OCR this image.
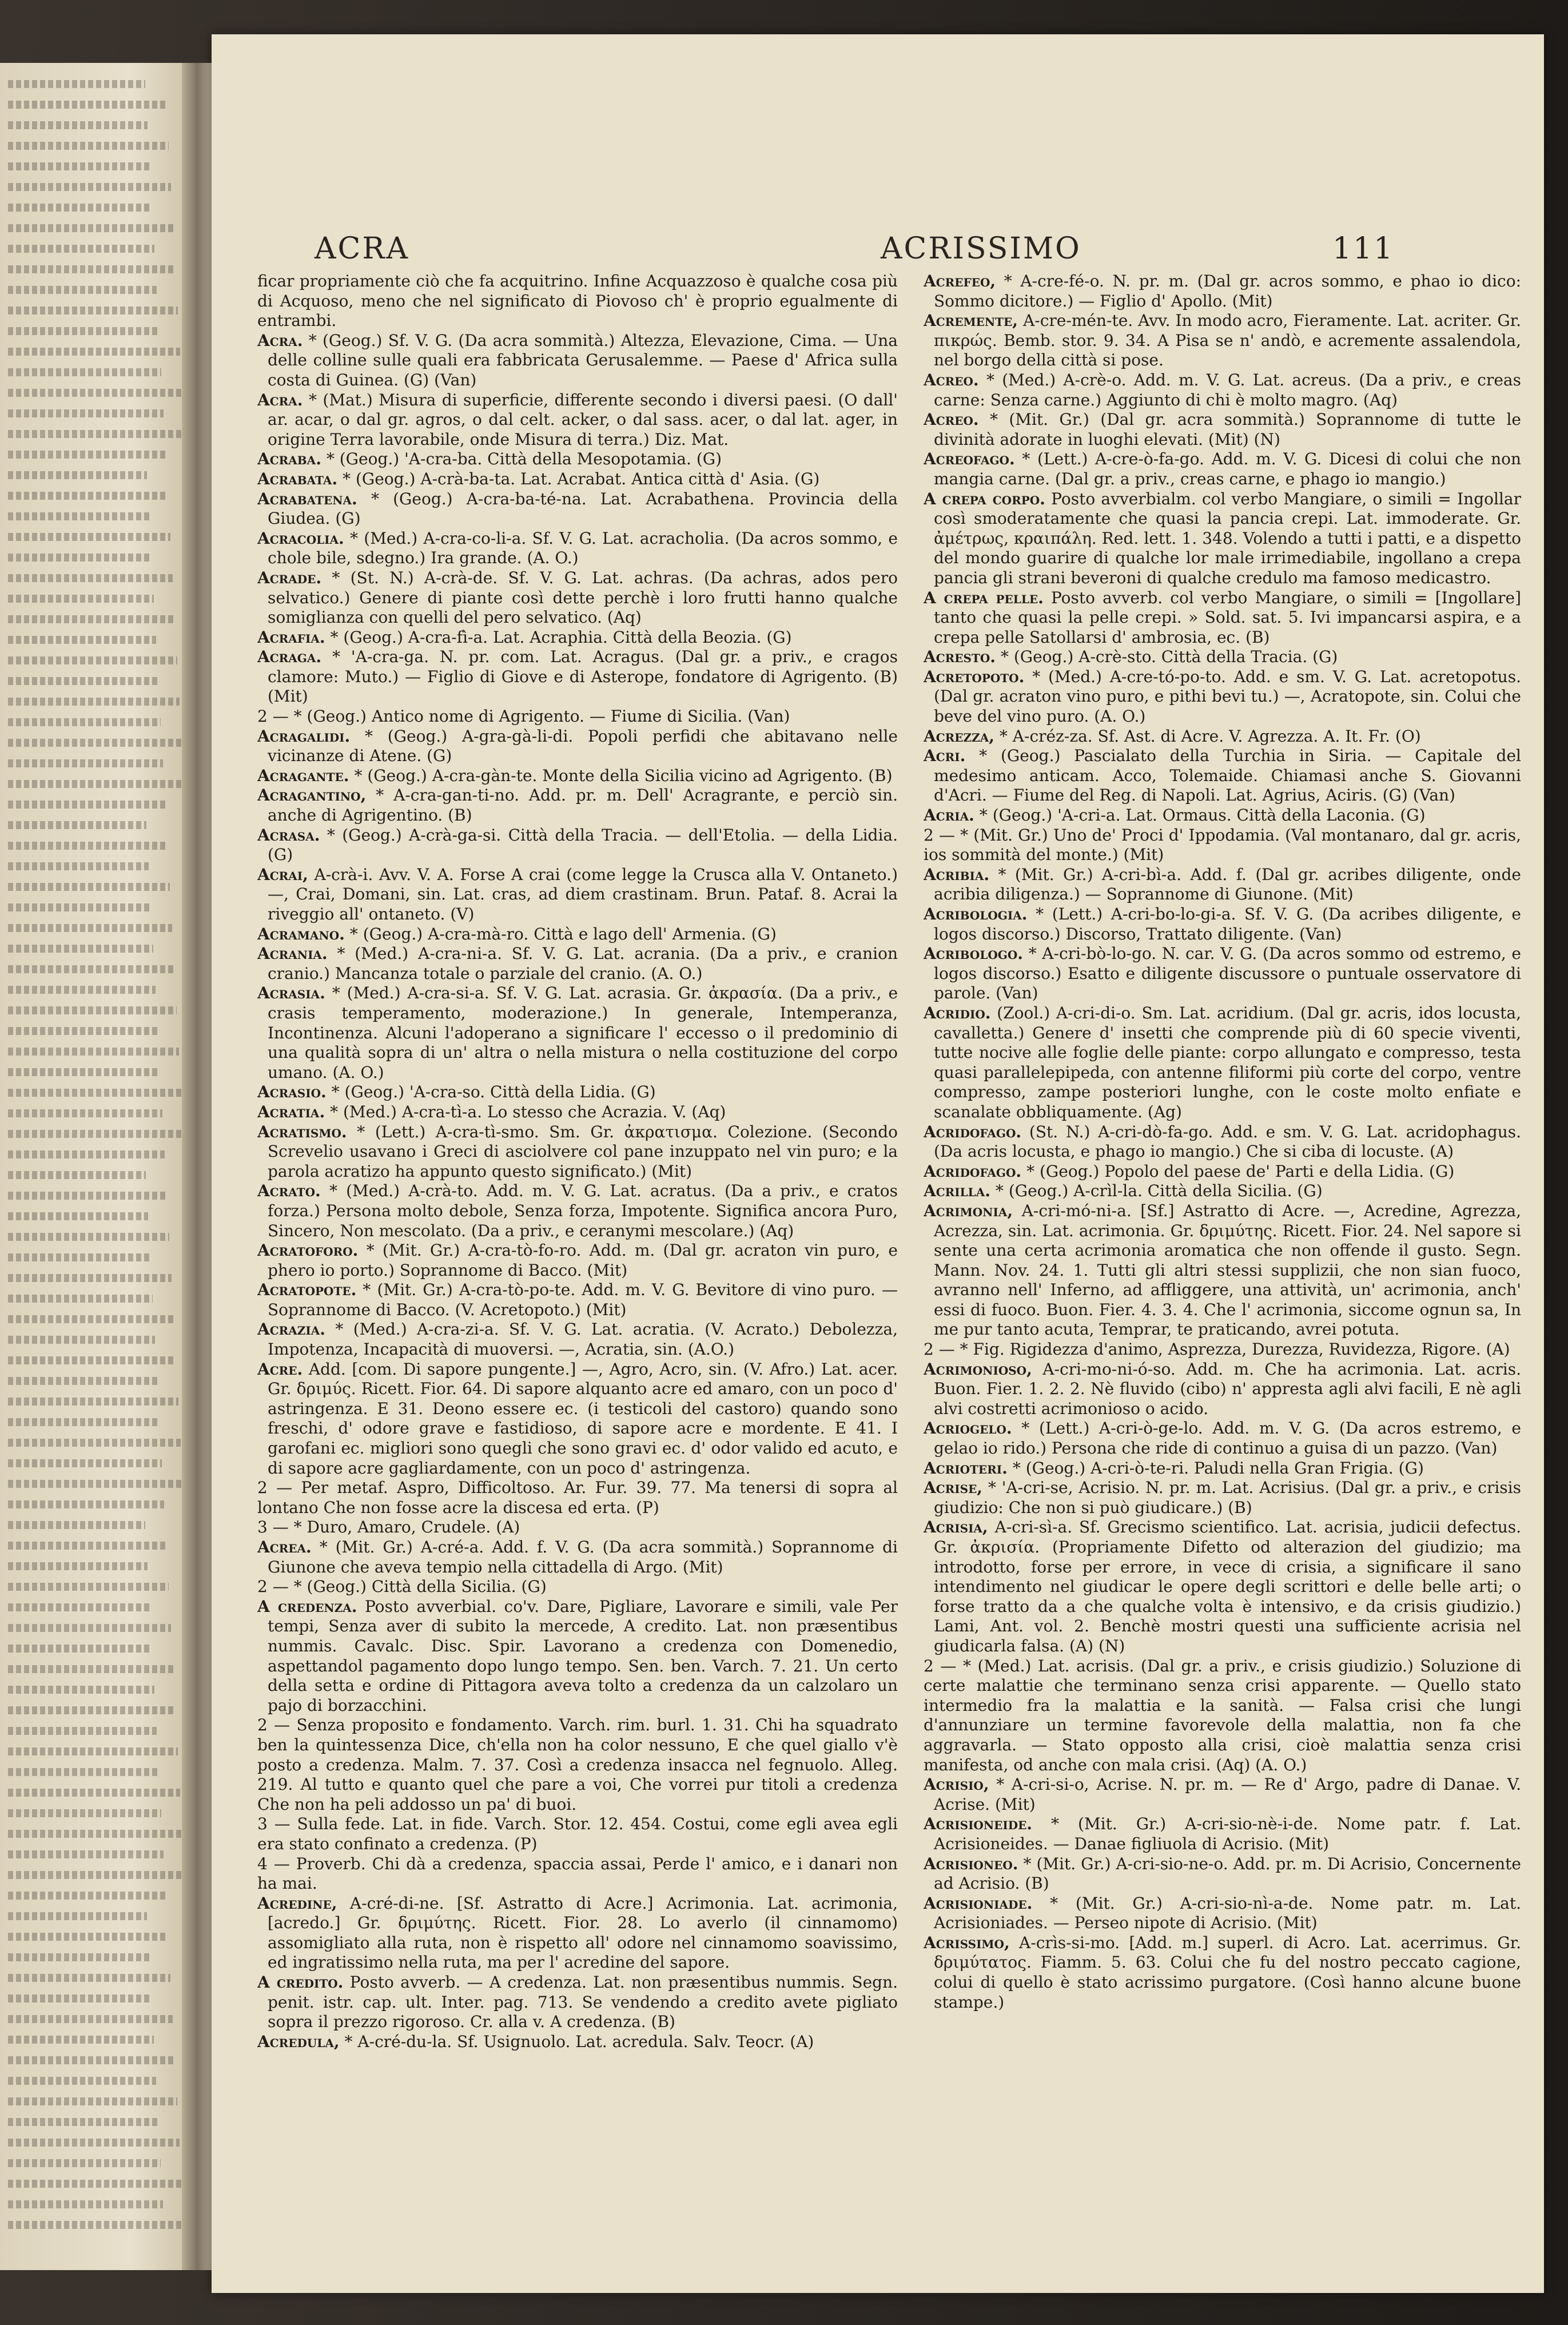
ACRA	ACRISSIMO	111
ficar propriamente ciò che fa acquitrino. Infine Acquazzoso è qualche cosa più di Acquoso, meno che nel significato di Piovoso ch' è proprio egualmente di entrambi.
Acra. * (Geog.) Sf. V. G. (Da acra sommità.) Altezza, Elevazione, Cima. — Una delle colline sulle quali era fabbricata Gerusalemme. — Paese d' Africa sulla costa di Guinea. (G) (Van)
Acra. * (Mat.) Misura di superficie, differente secondo i diversi paesi. (O dall' ar. acar, o dal gr. agros, o dal celt. acker, o dal sass. acer, o dal lat. ager, in origine Terra lavorabile, onde Misura di terra.) Diz. Mat.
Acraba. * (Geog.) 'A-cra-ba. Città della Mesopotamia. (G)
Acrabata. * (Geog.) A-crà-ba-ta. Lat. Acrabat. Antica città d' Asia. (G)
Acrabatena. * (Geog.) A-cra-ba-té-na. Lat. Acrabathena. Provincia della Giudea. (G)
Acracolia. * (Med.) A-cra-co-li-a. Sf. V. G. Lat. acracholia. (Da acros sommo, e chole bile, sdegno.) Ira grande. (A. O.)
Acrade. * (St. N.) A-crà-de. Sf. V. G. Lat. achras. (Da achras, ados pero selvatico.) Genere di piante così dette perchè i loro frutti hanno qualche somiglianza con quelli del pero selvatico. (Aq)
Acrafia. * (Geog.) A-cra-fì-a. Lat. Acraphia. Città della Beozia. (G)
Acraga. * 'A-cra-ga. N. pr. com. Lat. Acragus. (Dal gr. a priv., e cragos clamore: Muto.) — Figlio di Giove e di Asterope, fondatore di Agrigento. (B) (Mit)
2 — * (Geog.) Antico nome di Agrigento. — Fiume di Sicilia. (Van)
Acragalidi. * (Geog.) A-gra-gà-li-di. Popoli perfidi che abitavano nelle vicinanze di Atene. (G)
Acragante. * (Geog.) A-cra-gàn-te. Monte della Sicilia vicino ad Agrigento. (B)
Acragantino, * A-cra-gan-ti-no. Add. pr. m. Dell' Acragrante, e perciò sin. anche di Agrigentino. (B)
Acrasa. * (Geog.) A-crà-ga-si. Città della Tracia. — dell'Etolia. — della Lidia. (G)
Acrai, A-crà-i. Avv. V. A. Forse A crai (come legge la Crusca alla V. Ontaneto.) —, Crai, Domani, sin. Lat. cras, ad diem crastinam. Brun. Pataf. 8. Acrai la riveggio all' ontaneto. (V)
Acramano. * (Geog.) A-cra-mà-ro. Città e lago dell' Armenia. (G)
Acrania. * (Med.) A-cra-ni-a. Sf. V. G. Lat. acrania. (Da a priv., e cranion cranio.) Mancanza totale o parziale del cranio. (A. O.)
Acrasia. * (Med.) A-cra-si-a. Sf. V. G. Lat. acrasia. Gr. ἀκρασία. (Da a priv., e crasis temperamento, moderazione.) In generale, Intemperanza, Incontinenza. Alcuni l'adoperano a significare l' eccesso o il predominio di una qualità sopra di un' altra o nella mistura o nella costituzione del corpo umano. (A. O.)
Acrasio. * (Geog.) 'A-cra-so. Città della Lidia. (G)
Acratia. * (Med.) A-cra-tì-a. Lo stesso che Acrazia. V. (Aq)
Acratismo. * (Lett.) A-cra-tì-smo. Sm. Gr. ἀκρατισμα. Colezione. (Secondo Screvelio usavano i Greci di asciolvere col pane inzuppato nel vin puro; e la parola acratizo ha appunto questo significato.) (Mit)
Acrato. * (Med.) A-crà-to. Add. m. V. G. Lat. acratus. (Da a priv., e cratos forza.) Persona molto debole, Senza forza, Impotente. Significa ancora Puro, Sincero, Non mescolato. (Da a priv., e ceranymi mescolare.) (Aq)
Acratoforo. * (Mit. Gr.) A-cra-tò-fo-ro. Add. m. (Dal gr. acraton vin puro, e phero io porto.) Soprannome di Bacco. (Mit)
Acratopote. * (Mit. Gr.) A-cra-tò-po-te. Add. m. V. G. Bevitore di vino puro. — Soprannome di Bacco. (V. Acretopoto.) (Mit)
Acrazia. * (Med.) A-cra-zi-a. Sf. V. G. Lat. acratia. (V. Acrato.) Debolezza, Impotenza, Incapacità di muoversi. —, Acratia, sin. (A.O.)
Acre. Add. [com. Di sapore pungente.] —, Agro, Acro, sin. (V. Afro.) Lat. acer. Gr. δριμύς. Ricett. Fior. 64. Di sapore alquanto acre ed amaro, con un poco d' astringenza. E 31. Deono essere ec. (i testicoli del castoro) quando sono freschi, d' odore grave e fastidioso, di sapore acre e mordente. E 41. I garofani ec. migliori sono quegli che sono gravi ec. d' odor valido ed acuto, e di sapore acre gagliardamente, con un poco d' astringenza.
2 — Per metaf. Aspro, Difficoltoso. Ar. Fur. 39. 77. Ma tenersi di sopra al lontano Che non fosse acre la discesa ed erta. (P)
3 — * Duro, Amaro, Crudele. (A)
Acrea. * (Mit. Gr.) A-cré-a. Add. f. V. G. (Da acra sommità.) Soprannome di Giunone che aveva tempio nella cittadella di Argo. (Mit)
2 — * (Geog.) Città della Sicilia. (G)
A credenza. Posto avverbial. co'v. Dare, Pigliare, Lavorare e simili, vale Per tempi, Senza aver di subito la mercede, A credito. Lat. non præsentibus nummis. Cavalc. Disc. Spir. Lavorano a credenza con Domenedio, aspettandol pagamento dopo lungo tempo. Sen. ben. Varch. 7. 21. Un certo della setta e ordine di Pittagora aveva tolto a credenza da un calzolaro un pajo di borzacchini.
2 — Senza proposito e fondamento. Varch. rim. burl. 1. 31. Chi ha squadrato ben la quintessenza Dice, ch'ella non ha color nessuno, E che quel giallo v'è posto a credenza. Malm. 7. 37. Così a credenza insacca nel fegnuolo. Alleg. 219. Al tutto e quanto quel che pare a voi, Che vorrei pur titoli a credenza Che non ha peli addosso un pa' di buoi.
3 — Sulla fede. Lat. in fide. Varch. Stor. 12. 454. Costui, come egli avea egli era stato confinato a credenza. (P)
4 — Proverb. Chi dà a credenza, spaccia assai, Perde l' amico, e i danari non ha mai.
Acredine, A-cré-di-ne. [Sf. Astratto di Acre.] Acrimonia. Lat. acrimonia, [acredo.] Gr. δριμύτης. Ricett. Fior. 28. Lo averlo (il cinnamomo) assomigliato alla ruta, non è rispetto all' odore nel cinnamomo soavissimo, ed ingratissimo nella ruta, ma per l' acredine del sapore.
A credito. Posto avverb. — A credenza. Lat. non præsentibus nummis. Segn. penit. istr. cap. ult. Inter. pag. 713. Se vendendo a credito avete pigliato sopra il prezzo rigoroso. Cr. alla v. A credenza. (B)
Acredula, * A-cré-du-la. Sf. Usignuolo. Lat. acredula. Salv. Teocr. (A)
Acrefeo, * A-cre-fé-o. N. pr. m. (Dal gr. acros sommo, e phao io dico: Sommo dicitore.) — Figlio d' Apollo. (Mit)
Acremente, A-cre-mén-te. Avv. In modo acro, Fieramente. Lat. acriter. Gr. πικρώς. Bemb. stor. 9. 34. A Pisa se n' andò, e acremente assalendola, nel borgo della città si pose.
Acreo. * (Med.) A-crè-o. Add. m. V. G. Lat. acreus. (Da a priv., e creas carne: Senza carne.) Aggiunto di chi è molto magro. (Aq)
Acreo. * (Mit. Gr.) (Dal gr. acra sommità.) Soprannome di tutte le divinità adorate in luoghi elevati. (Mit) (N)
Acreofago. * (Lett.) A-cre-ò-fa-go. Add. m. V. G. Dicesi di colui che non mangia carne. (Dal gr. a priv., creas carne, e phago io mangio.)
A crepa corpo. Posto avverbialm. col verbo Mangiare, o simili = Ingollar così smoderatamente che quasi la pancia crepi. Lat. immoderate. Gr. ἀμέτρως, κραιπάλη. Red. lett. 1. 348. Volendo a tutti i patti, e a dispetto del mondo guarire di qualche lor male irrimediabile, ingollano a crepa pancia gli strani beveroni di qualche credulo ma famoso medicastro.
A crepa pelle. Posto avverb. col verbo Mangiare, o simili = [Ingollare] tanto che quasi la pelle crepi. » Sold. sat. 5. Ivi impancarsi aspira, e a crepa pelle Satollarsi d' ambrosia, ec. (B)
Acresto. * (Geog.) A-crè-sto. Città della Tracia. (G)
Acretopoto. * (Med.) A-cre-tó-po-to. Add. e sm. V. G. Lat. acretopotus. (Dal gr. acraton vino puro, e pithi bevi tu.) —, Acratopote, sin. Colui che beve del vino puro. (A. O.)
Acrezza, * A-créz-za. Sf. Ast. di Acre. V. Agrezza. A. It. Fr. (O)
Acri. * (Geog.) Pascialato della Turchia in Siria. — Capitale del medesimo anticam. Acco, Tolemaide. Chiamasi anche S. Giovanni d'Acri. — Fiume del Reg. di Napoli. Lat. Agrius, Aciris. (G) (Van)
Acria. * (Geog.) 'A-cri-a. Lat. Ormaus. Città della Laconia. (G)
2 — * (Mit. Gr.) Uno de' Proci d' Ippodamia. (Val montanaro, dal gr. acris, ios sommità del monte.) (Mit)
Acribia. * (Mit. Gr.) A-cri-bì-a. Add. f. (Dal gr. acribes diligente, onde acribia diligenza.) — Soprannome di Giunone. (Mit)
Acribologia. * (Lett.) A-cri-bo-lo-gi-a. Sf. V. G. (Da acribes diligente, e logos discorso.) Discorso, Trattato diligente. (Van)
Acribologo. * A-cri-bò-lo-go. N. car. V. G. (Da acros sommo od estremo, e logos discorso.) Esatto e diligente discussore o puntuale osservatore di parole. (Van)
Acridio. (Zool.) A-cri-di-o. Sm. Lat. acridium. (Dal gr. acris, idos locusta, cavalletta.) Genere d' insetti che comprende più di 60 specie viventi, tutte nocive alle foglie delle piante: corpo allungato e compresso, testa quasi parallelepipeda, con antenne filiformi più corte del corpo, ventre compresso, zampe posteriori lunghe, con le coste molto enfiate e scanalate obbliquamente. (Ag)
Acridofago. (St. N.) A-cri-dò-fa-go. Add. e sm. V. G. Lat. acridophagus. (Da acris locusta, e phago io mangio.) Che si ciba di locuste. (A)
Acridofago. * (Geog.) Popolo del paese de' Parti e della Lidia. (G)
Acrilla. * (Geog.) A-crìl-la. Città della Sicilia. (G)
Acrimonia, A-cri-mó-ni-a. [Sf.] Astratto di Acre. —, Acredine, Agrezza, Acrezza, sin. Lat. acrimonia. Gr. δριμύτης. Ricett. Fior. 24. Nel sapore si sente una certa acrimonia aromatica che non offende il gusto. Segn. Mann. Nov. 24. 1. Tutti gli altri stessi supplizii, che non sian fuoco, avranno nell' Inferno, ad affliggere, una attività, un' acrimonia, anch' essi di fuoco. Buon. Fier. 4. 3. 4. Che l' acrimonia, siccome ognun sa, In me pur tanto acuta, Temprar, te praticando, avrei potuta.
2 — * Fig. Rigidezza d'animo, Asprezza, Durezza, Ruvidezza, Rigore. (A)
Acrimonioso, A-cri-mo-ni-ó-so. Add. m. Che ha acrimonia. Lat. acris. Buon. Fier. 1. 2. 2. Nè fluvido (cibo) n' appresta agli alvi facili, E nè agli alvi costretti acrimonioso o acido.
Acriogelo. * (Lett.) A-cri-ò-ge-lo. Add. m. V. G. (Da acros estremo, e gelao io rido.) Persona che ride di continuo a guisa di un pazzo. (Van)
Acrioteri. * (Geog.) A-cri-ò-te-ri. Paludi nella Gran Frigia. (G)
Acrise, * 'A-cri-se, Acrisio. N. pr. m. Lat. Acrisius. (Dal gr. a priv., e crisis giudizio: Che non si può giudicare.) (B)
Acrisia, A-cri-sì-a. Sf. Grecismo scientifico. Lat. acrisia, judicii defectus. Gr. ἀκρισία. (Propriamente Difetto od alterazion del giudizio; ma introdotto, forse per errore, in vece di crisia, a significare il sano intendimento nel giudicar le opere degli scrittori e delle belle arti; o forse tratto da a che qualche volta è intensivo, e da crisis giudizio.) Lami, Ant. vol. 2. Benchè mostri questi una sufficiente acrisia nel giudicarla falsa. (A) (N)
2 — * (Med.) Lat. acrisis. (Dal gr. a priv., e crisis giudizio.) Soluzione di certe malattie che terminano senza crisi apparente. — Quello stato intermedio fra la malattia e la sanità. — Falsa crisi che lungi d'annunziare un termine favorevole della malattia, non fa che aggravarla. — Stato opposto alla crisi, cioè malattia senza crisi manifesta, od anche con mala crisi. (Aq) (A. O.)
Acrisio, * A-cri-si-o, Acrise. N. pr. m. — Re d' Argo, padre di Danae. V. Acrise. (Mit)
Acrisioneide. * (Mit. Gr.) A-cri-sio-nè-i-de. Nome patr. f. Lat. Acrisioneides. — Danae figliuola di Acrisio. (Mit)
Acrisioneo. * (Mit. Gr.) A-cri-sio-ne-o. Add. pr. m. Di Acrisio, Concernente ad Acrisio. (B)
Acrisioniade. * (Mit. Gr.) A-cri-sio-nì-a-de. Nome patr. m. Lat. Acrisioniades. — Perseo nipote di Acrisio. (Mit)
Acrissimo, A-crìs-si-mo. [Add. m.] superl. di Acro. Lat. acerrimus. Gr. δριμύτατος. Fiamm. 5. 63. Colui che fu del nostro peccato cagione, colui di quello è stato acrissimo purgatore. (Così hanno alcune buone stampe.)
